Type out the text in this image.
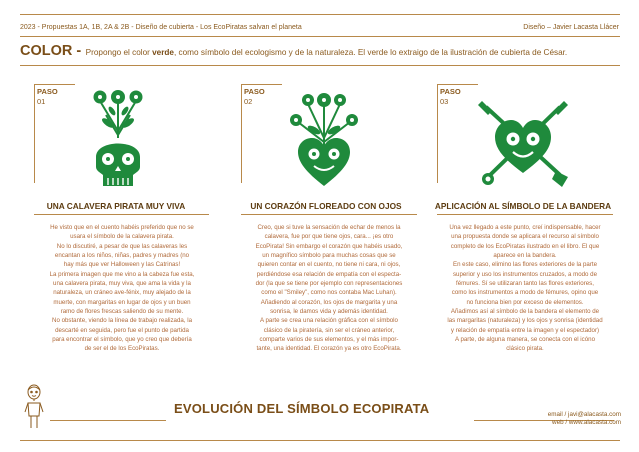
2023 - Propuestas 1A, 1B, 2A & 2B - Diseño de cubierta - Los EcoPiratas salvan el planeta	Diseño – Javier Lacasta Llácer
COLOR - Propongo el color verde, como símbolo del ecologismo y de la naturaleza. El verde lo extraigo de la ilustración de cubierta de César.
PASO
01
UNA CALAVERA PIRATA MUY VIVA
He visto que en el cuento habéis preferido que no se
usara el símbolo de la calavera pirata.
No lo discutiré, a pesar de que las calaveras les
encantan a los niños, niñas, padres y madres (no
hay más que ver Halloween y las Catrinas!
La primera imagen que me vino a la cabeza fue esta,
una calavera pirata, muy viva, que ama la vida y la
naturaleza, un cráneo ave-fénix, muy alejado de la
muerte, con margaritas en lugar de ojos y un buen
ramo de flores frescas saliendo de su mente.
No obstante, viendo la línea de trabajo realizada, la
descarté en seguida, pero fue el punto de partida
para encontrar el símbolo, que yo creo que debería
de ser el de los EcoPiratas.
PASO
02
UN CORAZÓN FLOREADO CON OJOS
Creo, que si tuve la sensación de echar de menos la
calavera, fue por que tiene ojos, cara... ¡es otro
EcoPirata! Sin embargo el corazón que habéis usado,
un magnífico símbolo para muchas cosas que se
quieren contar en el cuento, no tiene ni cara, ni ojos,
perdiéndose esa relación de empatía con el especta-
dor (la que se tiene por ejemplo con representaciones
como el "Smiley", como nos contaba Mac Luhan).
Añadiendo al corazón, los ojos de margarita y una
sonrisa, le damos vida y además identidad.
A parte se crea una relación gráfica con el símbolo
clásico de la piratería, sin ser el cráneo anterior,
comparte varios de sus elementos, y el más impor-
tante, una identidad. El corazón ya es otro EcoPirata.
PASO
03
APLICACIÓN AL SÍMBOLO DE LA BANDERA
Una vez llegado a este punto, creí indispensable, hacer
una propuesta donde se aplicara el recurso al símbolo
completo de los EcoPiratas ilustrado en el libro. El que
aparece en la bandera.
En este caso, elimino las flores exteriores de la parte
superior y uso los instrumentos cruzados, a modo de
fémures. Sí se utilizaran tanto las flores exteriores,
como los instrumentos a modo de fémures, opino que
no funciona bien por exceso de elementos.
Añadimos así al símbolo de la bandera el elemento de
las margaritas (naturaleza) y los ojos y sonrisa (identidad
y relación de empatía entre la imagen y el espectador)
A parte, de alguna manera, se conecta con el icóno
clásico pirata.
EVOLUCIÓN DEL SÍMBOLO ECOPIRATA	email / javi@alacasta.com
web / www.alacasta.com
